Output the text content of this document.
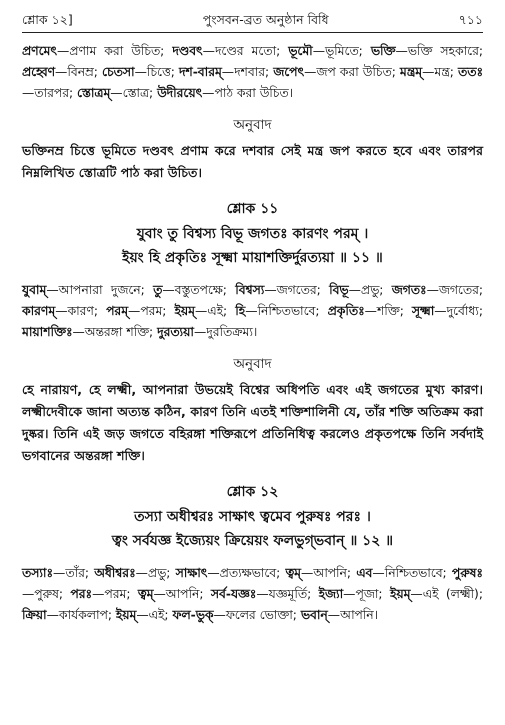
শ্লোক ১২]	পুংসবন-ব্রত অনুষ্ঠান বিধি	৭১১

প্রণমেৎ—প্রণাম করা উচিত; দণ্ডবৎ—দণ্ডের মতো; ভূমৌ—ভূমিতে; ভক্তি—ভক্তি সহকারে; প্রহ্বেণ—বিনম্র; চেতসা—চিত্তে; দশ-বারম্—দশবার; জপেৎ—জপ করা উচিত; মন্ত্রম্—মন্ত্র; ততঃ—তারপর; স্তোত্রম্—স্তোত্র; উদীরয়েৎ—পাঠ করা উচিত।

অনুবাদ

ভক্তিনম্র চিত্তে ভূমিতে দণ্ডবৎ প্রণাম করে দশবার সেই মন্ত্র জপ করতে হবে এবং তারপর নিম্নলিখিত স্তোত্রটি পাঠ করা উচিত।

শ্লোক ১১
যুবাং তু বিশ্বস্য বিভূ জগতঃ কারণং পরম্ ।
ইয়ং হি প্রকৃতিঃ সূক্ষ্মা মায়াশক্তির্দুরত্যয়া ॥ ১১ ॥

যুবাম্—আপনারা দুজনে; তু—বস্তুতপক্ষে; বিশ্বস্য—জগতের; বিভূ—প্রভু; জগতঃ—জগতের; কারণম্—কারণ; পরম্—পরম; ইয়ম্—এই; হি—নিশ্চিতভাবে; প্রকৃতিঃ—শক্তি; সূক্ষ্মা—দুর্বোধ্য; মায়াশক্তিঃ—অন্তরঙ্গা শক্তি; দুরত্যয়া—দুরতিক্রম্য।

অনুবাদ

হে নারায়ণ, হে লক্ষ্মী, আপনারা উভয়েই বিশ্বের অধিপতি এবং এই জগতের মুখ্য কারণ। লক্ষ্মীদেবীকে জানা অত্যন্ত কঠিন, কারণ তিনি এতই শক্তিশালিনী যে, তাঁর শক্তি অতিক্রম করা দুষ্কর। তিনি এই জড় জগতে বহিরঙ্গা শক্তিরূপে প্রতিনিধিত্ব করলেও প্রকৃতপক্ষে তিনি সর্বদাই ভগবানের অন্তরঙ্গা শক্তি।

শ্লোক ১২
তস্যা অধীশ্বরঃ সাক্ষাৎ ত্বমেব পুরুষঃ পরঃ ।
ত্বং সর্বযজ্ঞ ইজ্যেয়ং ক্রিয়েয়ং ফলভুগ্‌ভবান্ ॥ ১২ ॥

তস্যাঃ—তাঁর; অধীশ্বরঃ—প্রভু; সাক্ষাৎ—প্রত্যক্ষভাবে; ত্বম্—আপনি; এব—নিশ্চিতভাবে; পুরুষঃ—পুরুষ; পরঃ—পরম; ত্বম্—আপনি; সর্ব-যজ্ঞঃ—যজ্ঞমূর্তি; ইজ্যা—পূজা; ইয়ম্—এই (লক্ষ্মী); ক্রিয়া—কার্যকলাপ; ইয়ম্—এই; ফল-ভুক্—ফলের ভোক্তা; ভবান্—আপনি।
